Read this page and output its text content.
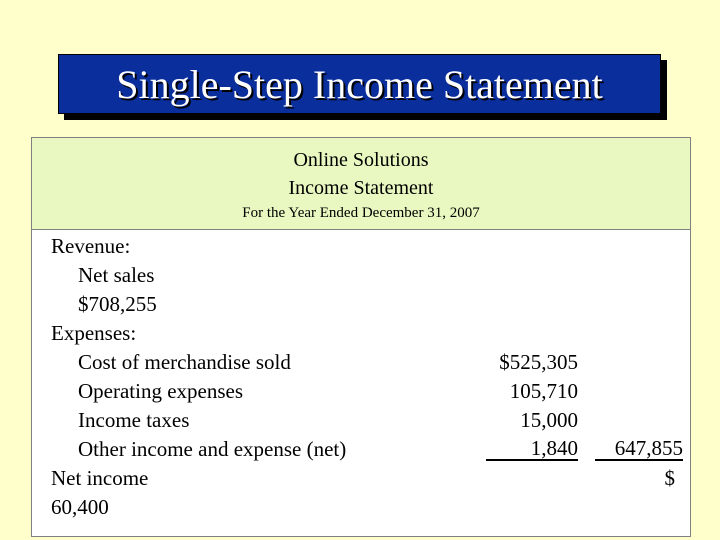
Single-Step Income Statement
Online Solutions
Income Statement
For the Year Ended December 31, 2007
Revenue:
Net sales
$708,255
Expenses:
Cost of merchandise sold
Operating expenses
Income taxes
Other income and expense (net)
$525,305
105,710
15,000
1,840	647,855
Net income	$
60,400
